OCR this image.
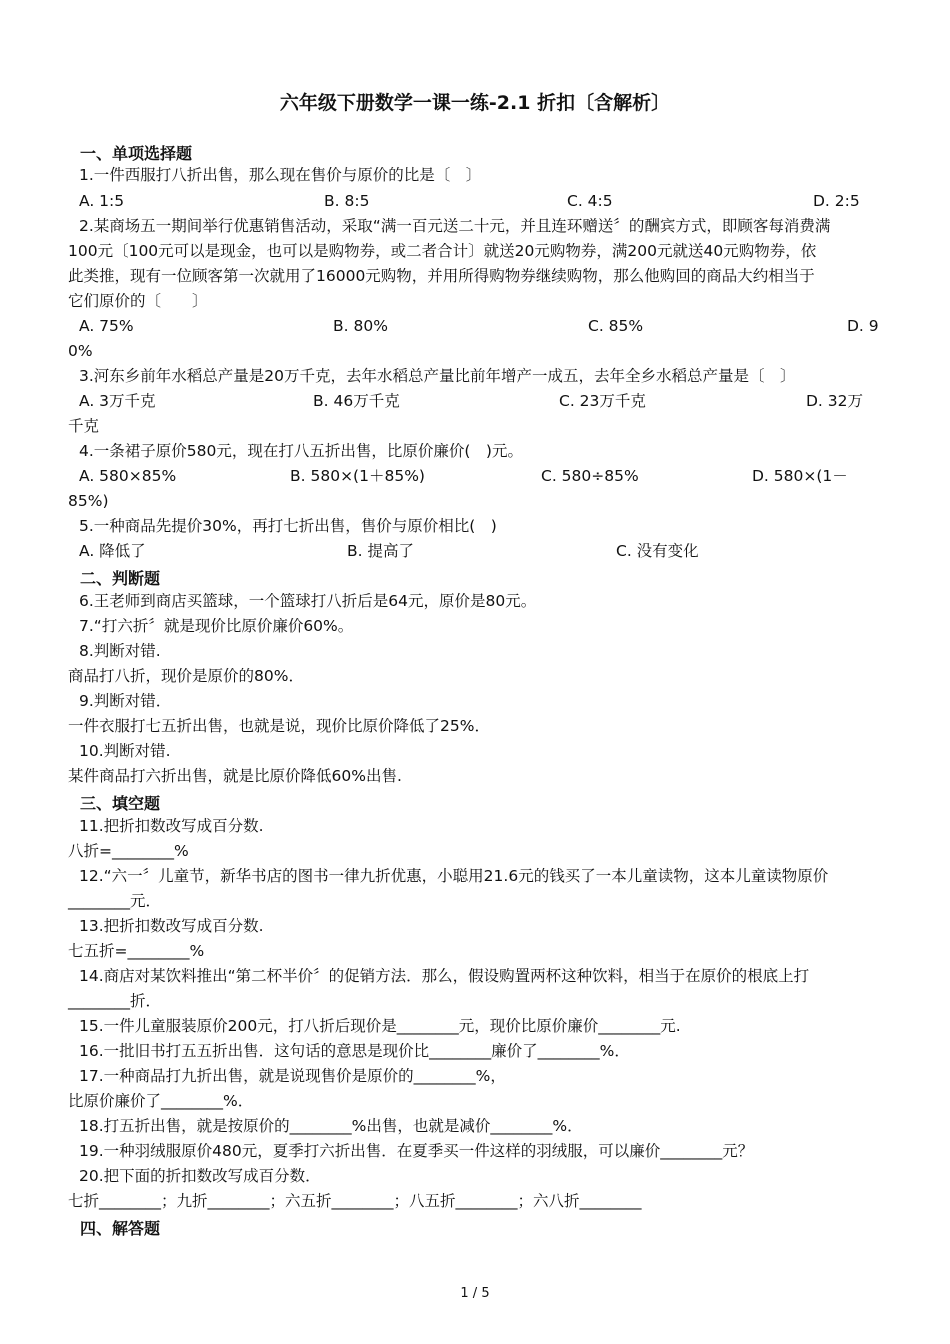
六年级下册数学一课一练-2.1 折扣〔含解析〕
一、单项选择题
1.一件西服打八折出售，那么现在售价与原价的比是〔　〕
A. 1:5	B. 8:5	C. 4:5	D. 2:5
2.某商场五一期间举行优惠销售活动，采取“满一百元送二十元，并且连环赠送〞的酬宾方式，即顾客每消费满
100元〔100元可以是现金，也可以是购物券，或二者合计〕就送20元购物券，满200元就送40元购物券，依
此类推，现有一位顾客第一次就用了16000元购物，并用所得购物券继续购物，那么他购回的商品大约相当于
它们原价的〔　　〕
A. 75%	B. 80%	C. 85%	D. 9
0%
3.河东乡前年水稻总产量是20万千克，去年水稻总产量比前年增产一成五，去年全乡水稻总产量是〔　〕
A. 3万千克	B. 46万千克	C. 23万千克	D. 32万
千克
4.一条裙子原价580元，现在打八五折出售，比原价廉价(　)元。
A. 580×85%	B. 580×(1＋85%)	C. 580÷85%	D. 580×(1－
85%)
5.一种商品先提价30%，再打七折出售，售价与原价相比(　)
A. 降低了	B. 提高了	C. 没有变化
二、判断题
6.王老师到商店买篮球，一个篮球打八折后是64元，原价是80元。
7.“打六折〞就是现价比原价廉价60%。
8.判断对错.
商品打八折，现价是原价的80%．
9.判断对错．
一件衣服打七五折出售，也就是说，现价比原价降低了25%．
10.判断对错.
某件商品打六折出售，就是比原价降低60%出售.
三、填空题
11.把折扣数改写成百分数.
八折=________%
12.“六一〞儿童节，新华书店的图书一律九折优惠，小聪用21.6元的钱买了一本儿童读物，这本儿童读物原价
________元．
13.把折扣数改写成百分数.
七五折=________%
14.商店对某饮料推出“第二杯半价〞的促销方法．那么，假设购置两杯这种饮料，相当于在原价的根底上打
________折．
15.一件儿童服装原价200元，打八折后现价是________元，现价比原价廉价________元.
16.一批旧书打五五折出售．这句话的意思是现价比________廉价了________%．
17.一种商品打九折出售，就是说现售价是原价的________%，
比原价廉价了________%．
18.打五折出售，就是按原价的________%出售，也就是减价________%．
19.一种羽绒服原价480元，夏季打六折出售．在夏季买一件这样的羽绒服，可以廉价________元？
20.把下面的折扣数改写成百分数．
七折________；九折________；六五折________；八五折________；六八折________
四、解答题
1 / 5
